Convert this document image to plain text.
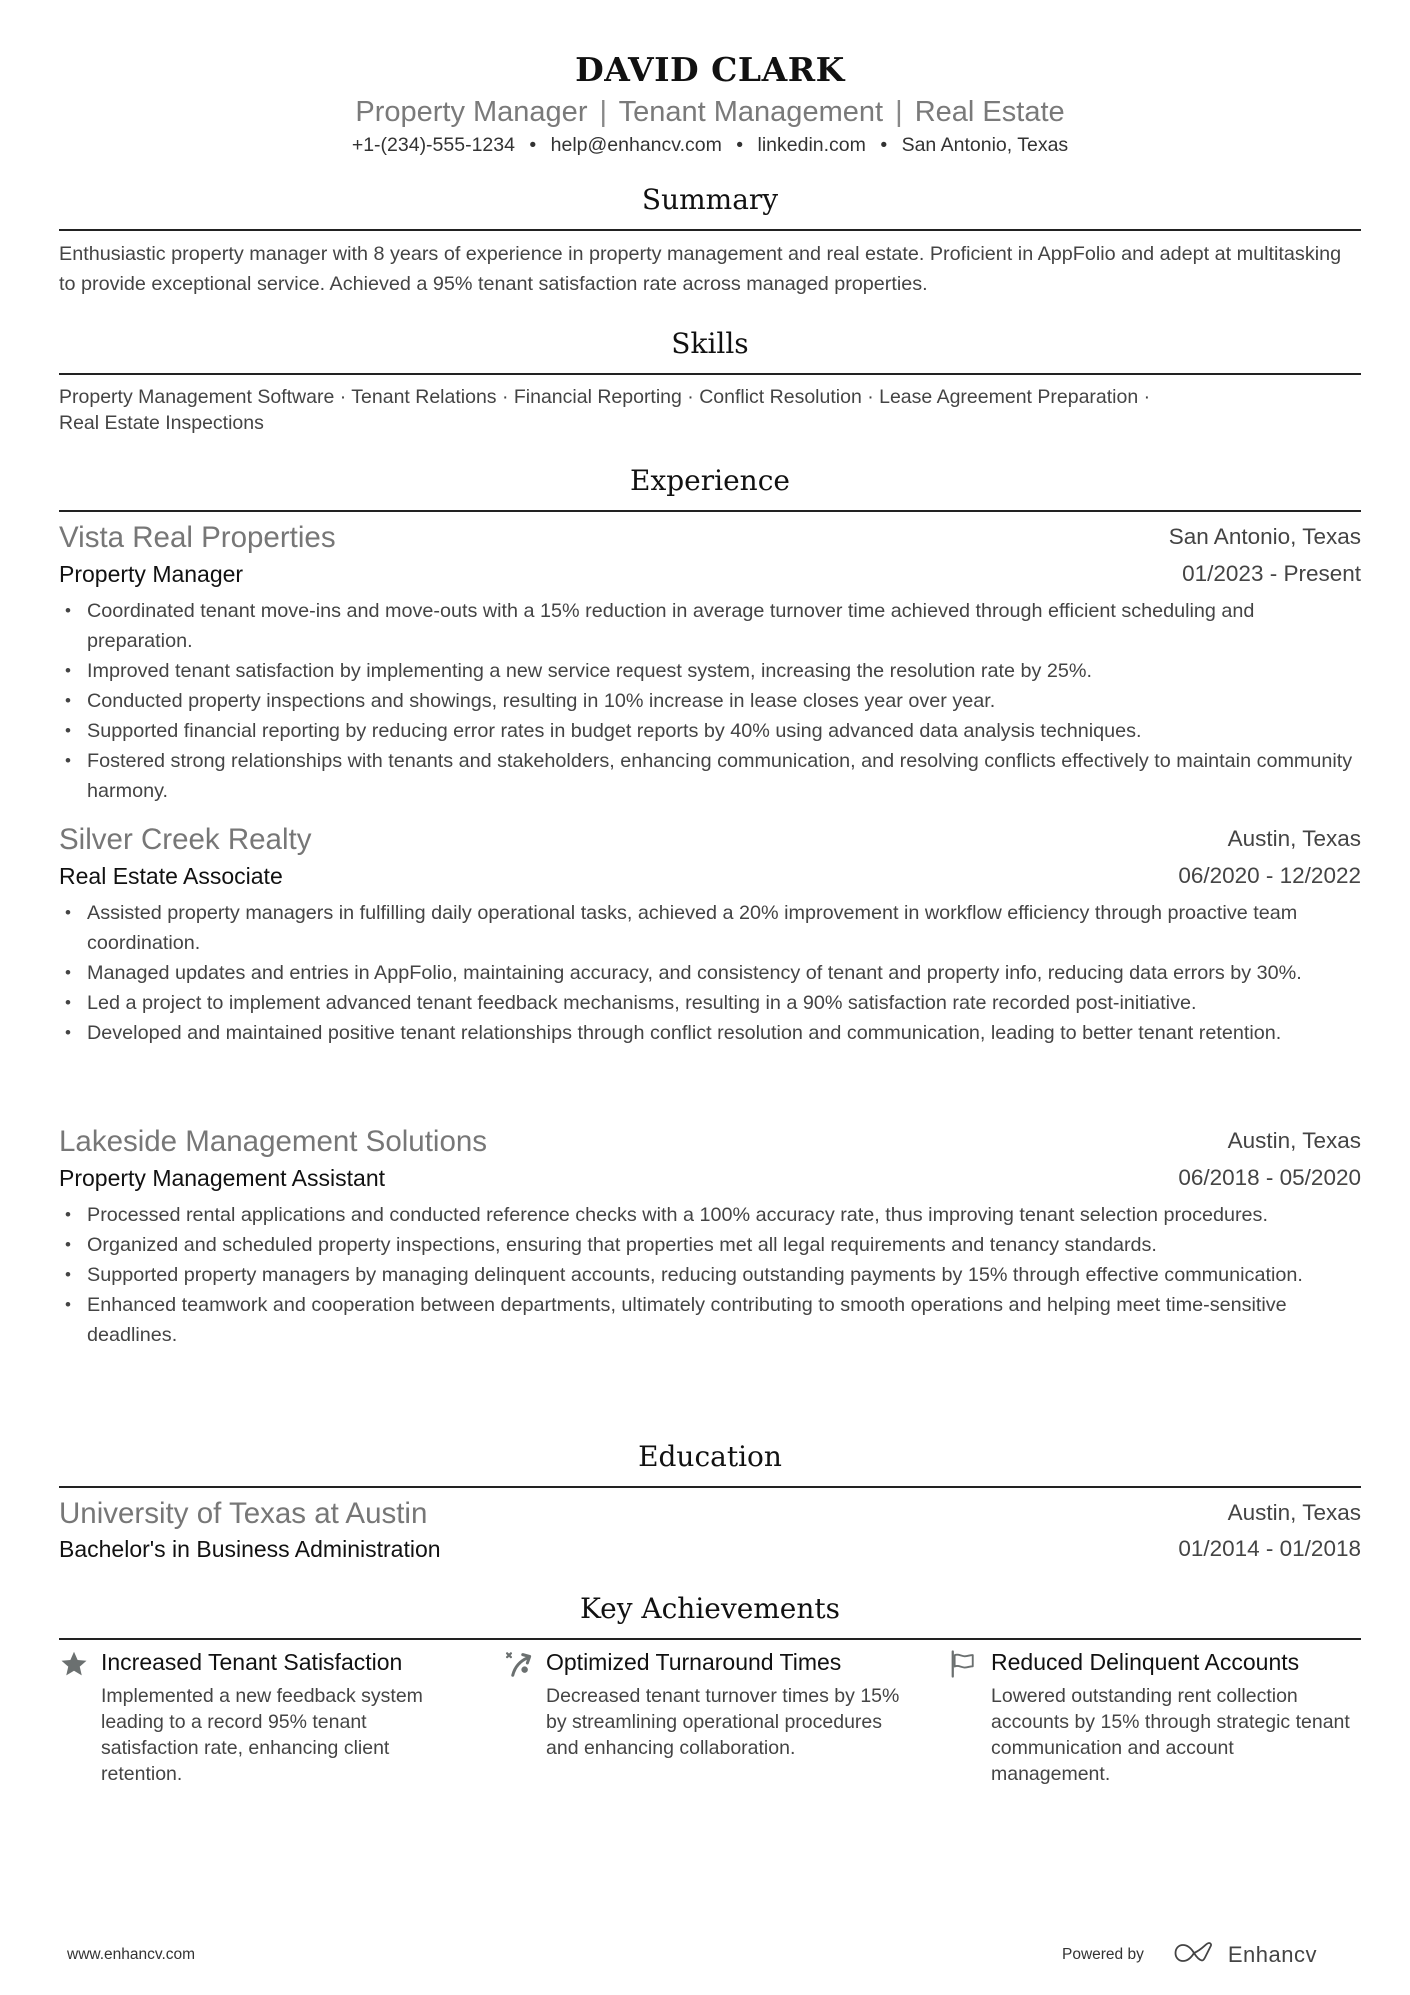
DAVID CLARK
Property Manager | Tenant Management | Real Estate
+1-(234)-555-1234 • help@enhancv.com • linkedin.com • San Antonio, Texas
Summary
Enthusiastic property manager with 8 years of experience in property management and real estate. Proficient in AppFolio and adept at multitasking to provide exceptional service. Achieved a 95% tenant satisfaction rate across managed properties.
Skills
Property Management Software · Tenant Relations · Financial Reporting · Conflict Resolution · Lease Agreement Preparation ·
Real Estate Inspections
Experience
Vista Real Properties	San Antonio, Texas
Property Manager	01/2023 - Present
• Coordinated tenant move-ins and move-outs with a 15% reduction in average turnover time achieved through efficient scheduling and preparation.
• Improved tenant satisfaction by implementing a new service request system, increasing the resolution rate by 25%.
• Conducted property inspections and showings, resulting in 10% increase in lease closes year over year.
• Supported financial reporting by reducing error rates in budget reports by 40% using advanced data analysis techniques.
• Fostered strong relationships with tenants and stakeholders, enhancing communication, and resolving conflicts effectively to maintain community harmony.
Silver Creek Realty	Austin, Texas
Real Estate Associate	06/2020 - 12/2022
• Assisted property managers in fulfilling daily operational tasks, achieved a 20% improvement in workflow efficiency through proactive team coordination.
• Managed updates and entries in AppFolio, maintaining accuracy, and consistency of tenant and property info, reducing data errors by 30%.
• Led a project to implement advanced tenant feedback mechanisms, resulting in a 90% satisfaction rate recorded post-initiative.
• Developed and maintained positive tenant relationships through conflict resolution and communication, leading to better tenant retention.
Lakeside Management Solutions	Austin, Texas
Property Management Assistant	06/2018 - 05/2020
• Processed rental applications and conducted reference checks with a 100% accuracy rate, thus improving tenant selection procedures.
• Organized and scheduled property inspections, ensuring that properties met all legal requirements and tenancy standards.
• Supported property managers by managing delinquent accounts, reducing outstanding payments by 15% through effective communication.
• Enhanced teamwork and cooperation between departments, ultimately contributing to smooth operations and helping meet time-sensitive deadlines.
Education
University of Texas at Austin	Austin, Texas
Bachelor's in Business Administration	01/2014 - 01/2018
Key Achievements
Increased Tenant Satisfaction
Implemented a new feedback system leading to a record 95% tenant satisfaction rate, enhancing client retention.
Optimized Turnaround Times
Decreased tenant turnover times by 15% by streamlining operational procedures and enhancing collaboration.
Reduced Delinquent Accounts
Lowered outstanding rent collection accounts by 15% through strategic tenant communication and account management.
www.enhancv.com	Powered by	Enhancv
